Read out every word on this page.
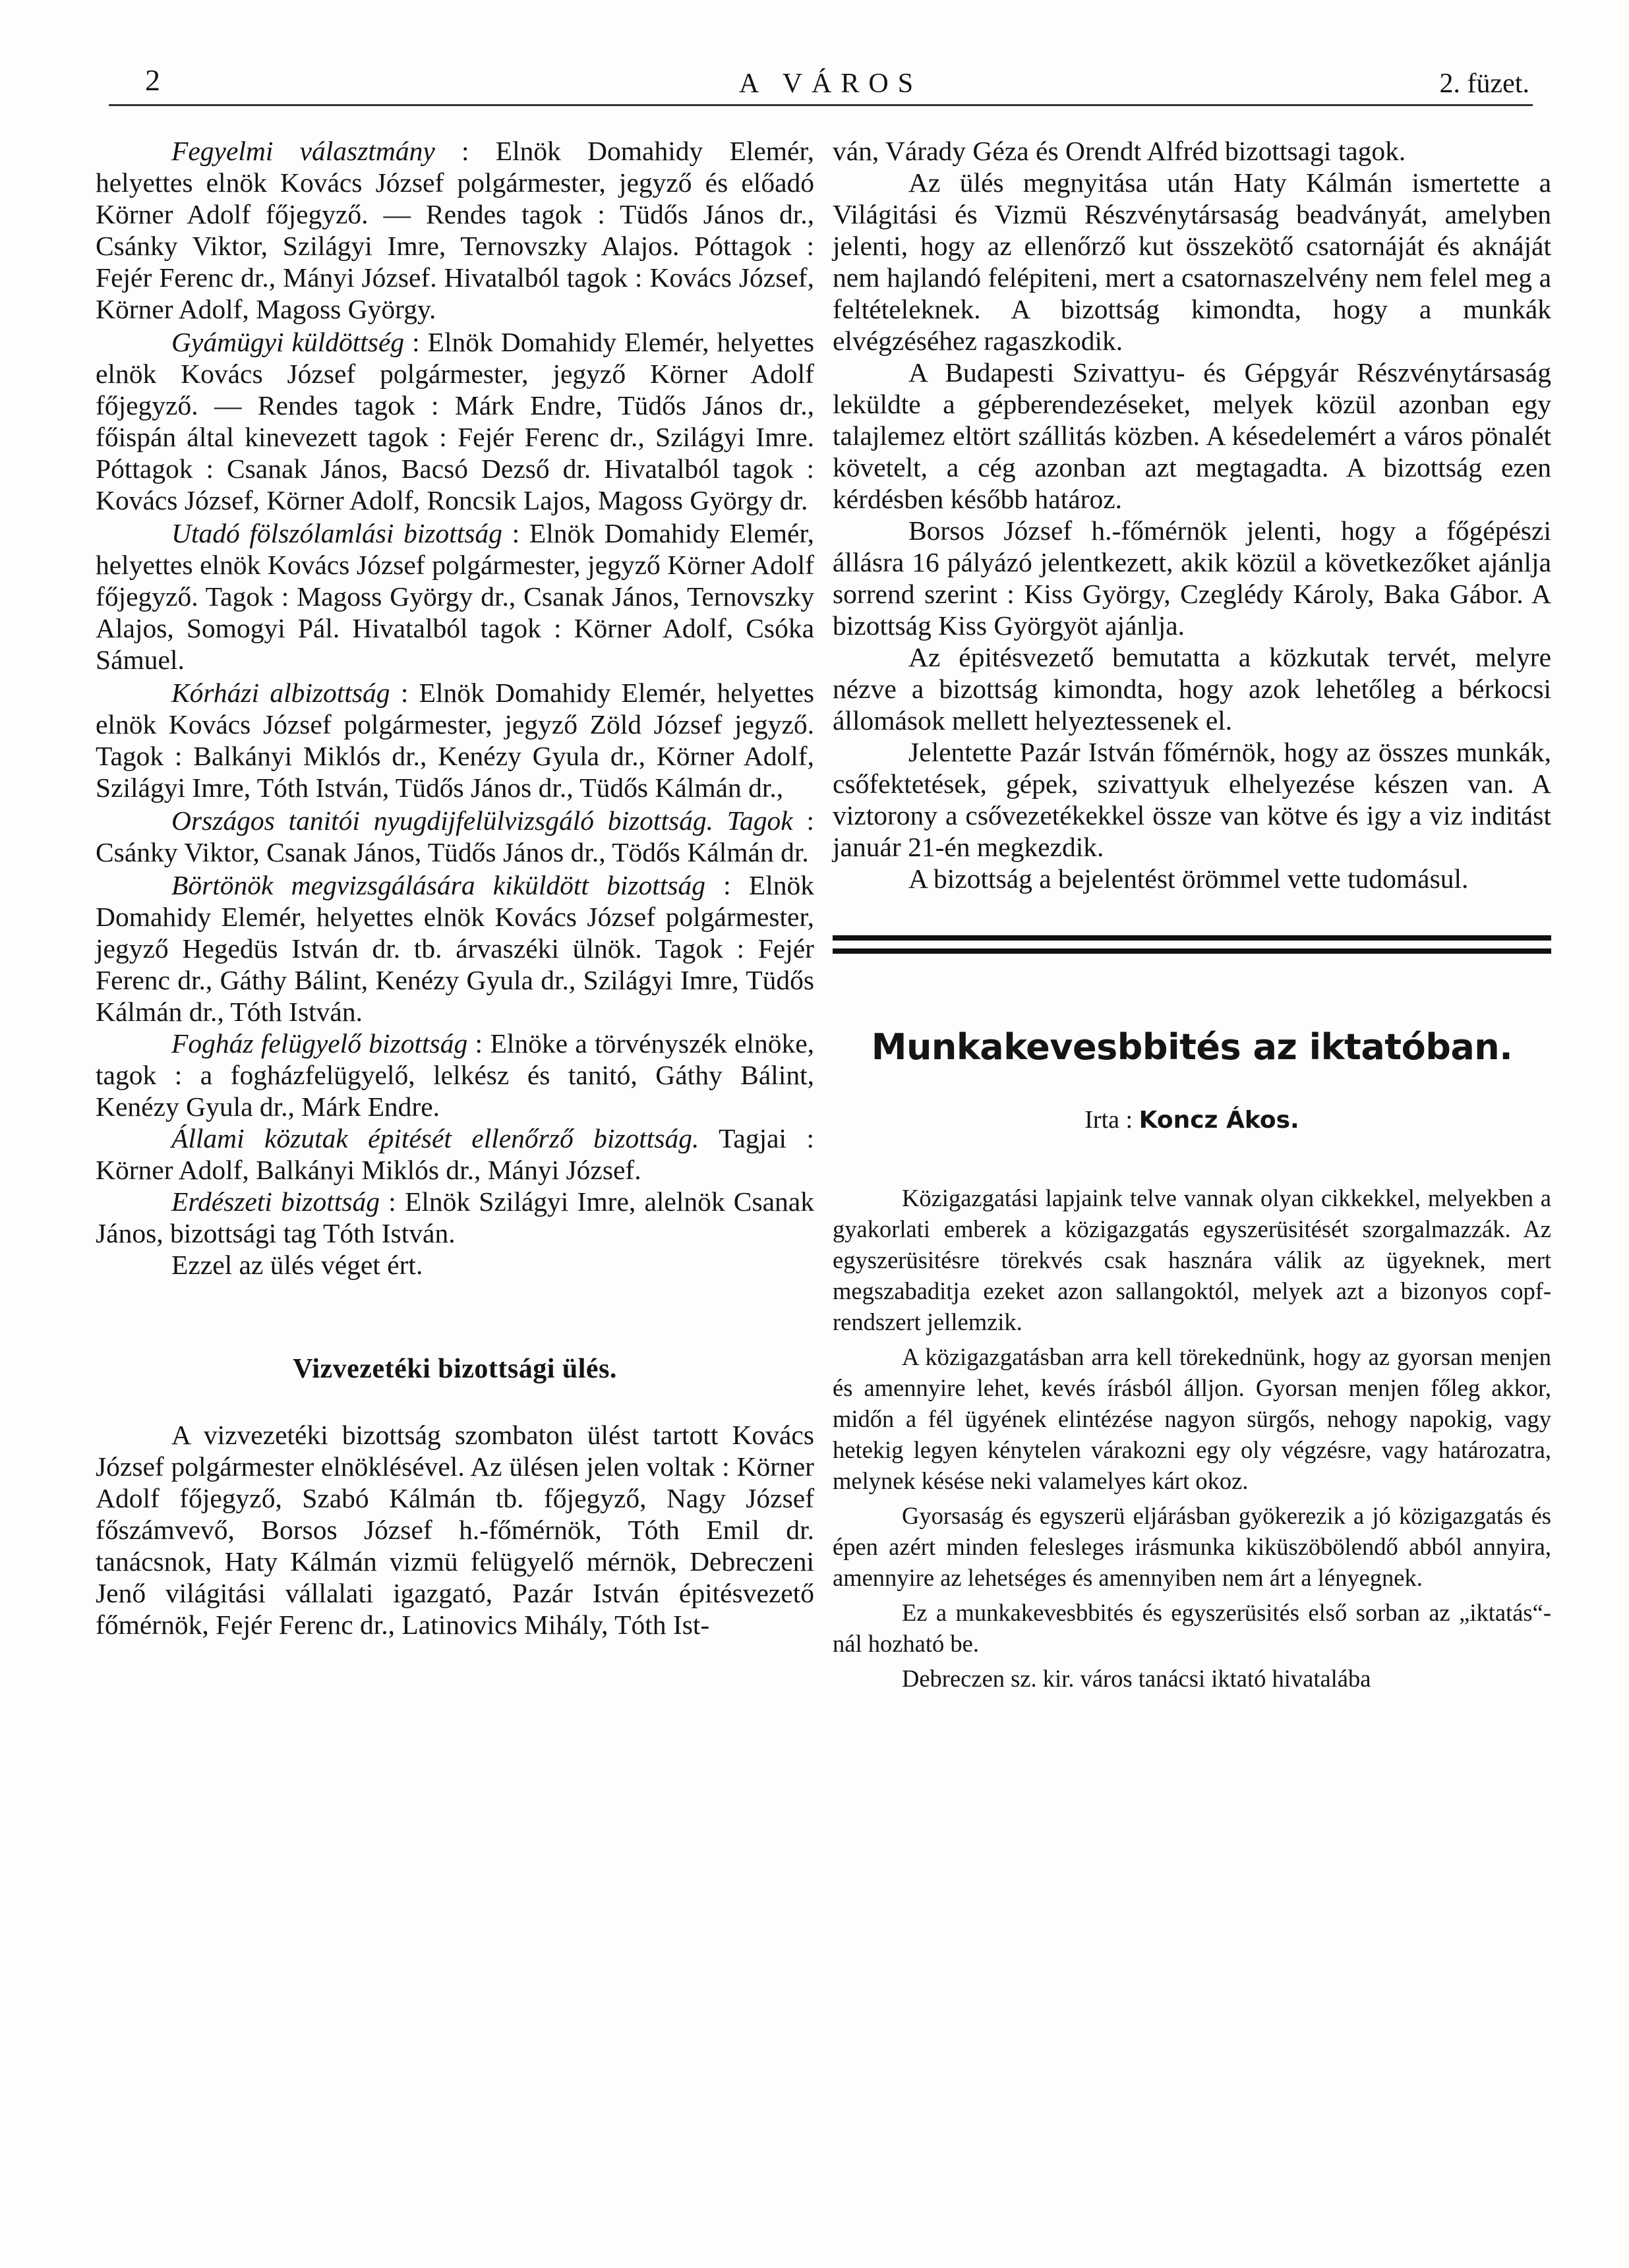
2	A VÁROS	2. füzet.

Fegyelmi választmány : Elnök Domahidy Elemér, helyettes elnök Kovács József polgármester, jegyző és előadó Körner Adolf főjegyző. — Rendes tagok : Tüdős János dr., Csánky Viktor, Szilágyi Imre, Ternovszky Alajos. Póttagok : Fejér Ferenc dr., Mányi József. Hivatalból tagok : Kovács József, Körner Adolf, Magoss György.

Gyámügyi küldöttség : Elnök Domahidy Elemér, helyettes elnök Kovács József polgármester, jegyző Körner Adolf főjegyző. — Rendes tagok : Márk Endre, Tüdős János dr., főispán által kinevezett tagok : Fejér Ferenc dr., Szilágyi Imre. Póttagok : Csanak János, Bacsó Dezső dr. Hivatalból tagok : Kovács József, Körner Adolf, Roncsik Lajos, Magoss György dr.

Utadó fölszólamlási bizottság : Elnök Domahidy Elemér, helyettes elnök Kovács József polgármester, jegyző Körner Adolf főjegyző. Tagok : Magoss György dr., Csanak János, Ternovszky Alajos, Somogyi Pál. Hivatalból tagok : Körner Adolf, Csóka Sámuel.

Kórházi albizottság : Elnök Domahidy Elemér, helyettes elnök Kovács József polgármester, jegyző Zöld József jegyző. Tagok : Balkányi Miklós dr., Kenézy Gyula dr., Körner Adolf, Szilágyi Imre, Tóth István, Tüdős János dr., Tüdős Kálmán dr.,

Országos tanitói nyugdijfelülvizsgáló bizottság. Tagok : Csánky Viktor, Csanak János, Tüdős János dr., Tödős Kálmán dr.

Börtönök megvizsgálására kiküldött bizottság : Elnök Domahidy Elemér, helyettes elnök Kovács József polgármester, jegyző Hegedüs István dr. tb. árvaszéki ülnök. Tagok : Fejér Ferenc dr., Gáthy Bálint, Kenézy Gyula dr., Szilágyi Imre, Tüdős Kálmán dr., Tóth István.

Fogház felügyelő bizottság : Elnöke a törvényszék elnöke, tagok : a fogházfelügyelő, lelkész és tanitó, Gáthy Bálint, Kenézy Gyula dr., Márk Endre.

Állami közutak épitését ellenőrző bizottság. Tagjai : Körner Adolf, Balkányi Miklós dr., Mányi József.

Erdészeti bizottság : Elnök Szilágyi Imre, alelnök Csanak János, bizottsági tag Tóth István.

Ezzel az ülés véget ért.

Vizvezetéki bizottsági ülés.

A vizvezetéki bizottság szombaton ülést tartott Kovács József polgármester elnöklésével. Az ülésen jelen voltak : Körner Adolf főjegyző, Szabó Kálmán tb. főjegyző, Nagy József főszámvevő, Borsos József h.-főmérnök, Tóth Emil dr. tanácsnok, Haty Kálmán vizmü felügyelő mérnök, Debreczeni Jenő világitási vállalati igazgató, Pazár István épitésvezető főmérnök, Fejér Ferenc dr., Latinovics Mihály, Tóth Ist-

ván, Várady Géza és Orendt Alfréd bizottsagi tagok.

Az ülés megnyitása után Haty Kálmán ismertette a Világitási és Vizmü Részvénytársaság beadványát, amelyben jelenti, hogy az ellenőrző kut összekötő csatornáját és aknáját nem hajlandó felépiteni, mert a csatornaszelvény nem felel meg a feltételeknek. A bizottság kimondta, hogy a munkák elvégzéséhez ragaszkodik.

A Budapesti Szivattyu- és Gépgyár Részvénytársaság leküldte a gépberendezéseket, melyek közül azonban egy talajlemez eltört szállitás közben. A késedelemért a város pönalét követelt, a cég azonban azt megtagadta. A bizottság ezen kérdésben később határoz.

Borsos József h.-főmérnök jelenti, hogy a főgépészi állásra 16 pályázó jelentkezett, akik közül a következőket ajánlja sorrend szerint : Kiss György, Czeglédy Károly, Baka Gábor. A bizottság Kiss Györgyöt ajánlja.

Az épitésvezető bemutatta a közkutak tervét, melyre nézve a bizottság kimondta, hogy azok lehetőleg a bérkocsi állomások mellett helyeztessenek el.

Jelentette Pazár István főmérnök, hogy az összes munkák, csőfektetések, gépek, szivattyuk elhelyezése készen van. A viztorony a csővezetékekkel össze van kötve és igy a viz inditást január 21-én megkezdik.

A bizottság a bejelentést örömmel vette tudomásul.

Munkakevesbbités az iktatóban.
Irta : Koncz Ákos.

Közigazgatási lapjaink telve vannak olyan cikkekkel, melyekben a gyakorlati emberek a közigazgatás egyszerüsitését szorgalmazzák. Az egyszerüsitésre törekvés csak hasznára válik az ügyeknek, mert megszabaditja ezeket azon sallangoktól, melyek azt a bizonyos copf-rendszert jellemzik.

A közigazgatásban arra kell törekednünk, hogy az gyorsan menjen és amennyire lehet, kevés írásból álljon. Gyorsan menjen főleg akkor, midőn a fél ügyének elintézése nagyon sürgős, nehogy napokig, vagy hetekig legyen kénytelen várakozni egy oly végzésre, vagy határozatra, melynek késése neki valamelyes kárt okoz.

Gyorsaság és egyszerü eljárásban gyökerezik a jó közigazgatás és épen azért minden felesleges irásmunka kiküszöbölendő abból annyira, amennyire az lehetséges és amennyiben nem árt a lényegnek.

Ez a munkakevesbbités és egyszerüsités első sorban az „iktatás“-nál hozható be.

Debreczen sz. kir. város tanácsi iktató hivatalába
